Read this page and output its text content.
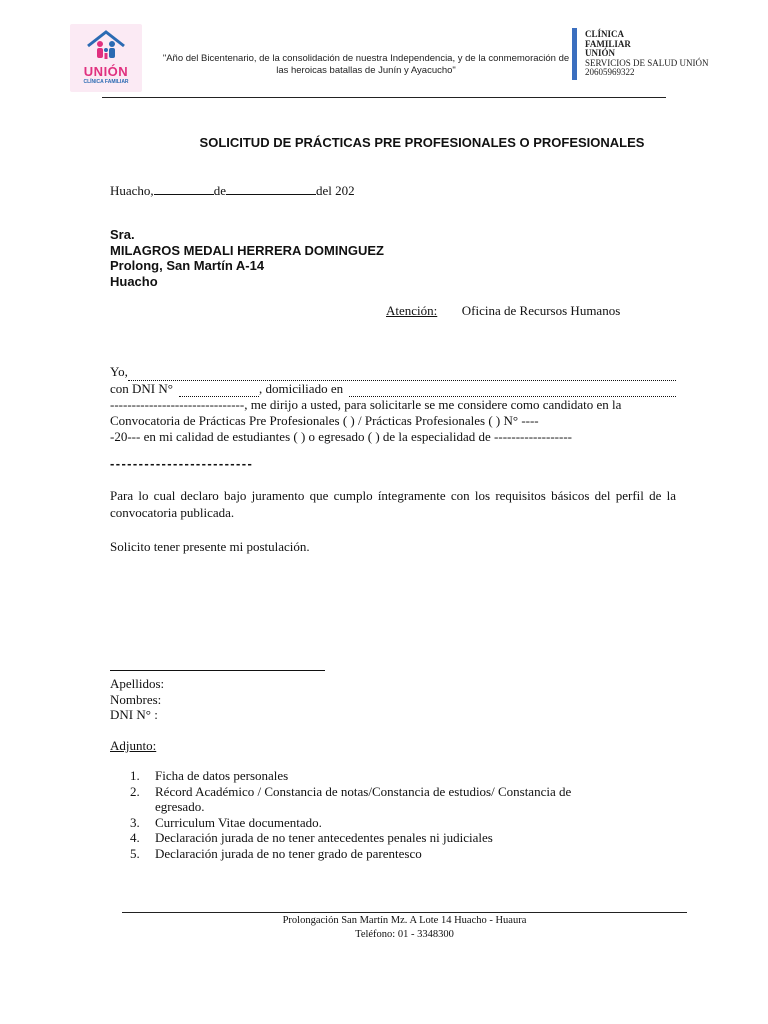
UNIÓN
CLÍNICA FAMILIAR
"Año del Bicentenario, de la consolidación de nuestra Independencia, y de la conmemoración de
las heroicas batallas de Junín y Ayacucho"
CLÍNICA
FAMILIAR
UNIÓN
SERVICIOS DE SALUD UNIÓN
20605969322
SOLICITUD DE PRÁCTICAS PRE PROFESIONALES O PROFESIONALES
Huacho,	de	del 202
Sra.
MILAGROS MEDALI HERRERA DOMINGUEZ
Prolong, San Martín A-14
Huacho
Atención: Oficina de Recursos Humanos
Yo,
con DNI N°	, domiciliado en
-------------------------------, me dirijo a usted, para solicitarle se me considere como candidato en la
Convocatoria de Prácticas Pre Profesionales ( ) / Prácticas Profesionales ( ) N° ----
-20--- en mi calidad de estudiantes ( ) o egresado ( ) de la especialidad de ------------------
-------------------------
Para lo cual declaro bajo juramento que cumplo íntegramente con los requisitos básicos del perfil de la convocatoria publicada.
Solicito tener presente mi postulación.
Apellidos:
Nombres:
DNI N° :
Adjunto:
1.	Ficha de datos personales
2.	Récord Académico / Constancia de notas/Constancia de estudios/ Constancia de egresado.
3.	Curriculum Vitae documentado.
4.	Declaración jurada de no tener antecedentes penales ni judiciales
5.	Declaración jurada de no tener grado de parentesco
Prolongación San Martín Mz. A Lote 14 Huacho - Huaura
Teléfono: 01 - 3348300
